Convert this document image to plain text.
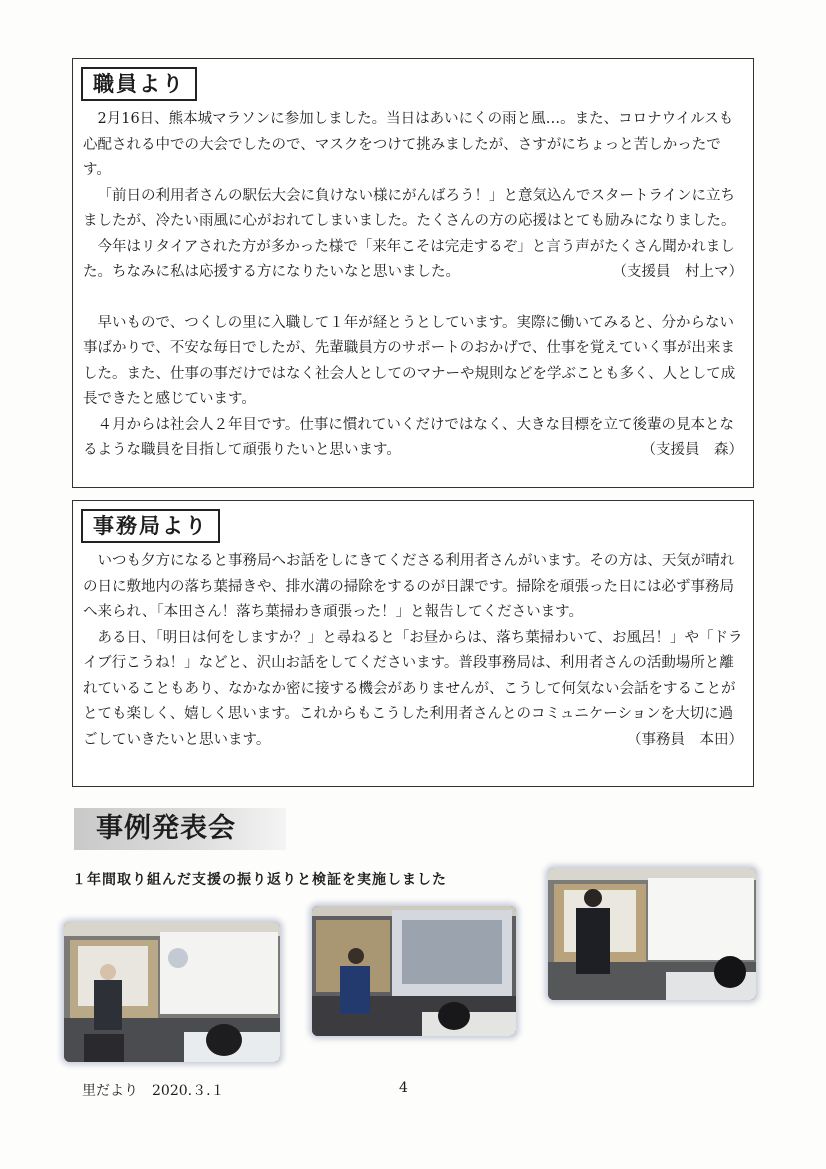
職員より

2月16日、熊本城マラソンに参加しました。当日はあいにくの雨と風…。また、コロナウイルスも心配される中での大会でしたので、マスクをつけて挑みましたが、さすがにちょっと苦しかったです。

「前日の利用者さんの駅伝大会に負けない様にがんばろう！」と意気込んでスタートラインに立ちましたが、冷たい雨風に心がおれてしまいました。たくさんの方の応援はとても励みになりました。

今年はリタイアされた方が多かった様で「来年こそは完走するぞ」と言う声がたくさん聞かれました。ちなみに私は応援する方になりたいなと思いました。	（支援員　村上マ）

早いもので、つくしの里に入職して１年が経とうとしています。実際に働いてみると、分からない事ばかりで、不安な毎日でしたが、先輩職員方のサポートのおかげで、仕事を覚えていく事が出来ました。また、仕事の事だけではなく社会人としてのマナーや規則などを学ぶことも多く、人として成長できたと感じています。

４月からは社会人２年目です。仕事に慣れていくだけではなく、大きな目標を立て後輩の見本となるような職員を目指して頑張りたいと思います。	（支援員　森）

事務局より

いつも夕方になると事務局へお話をしにきてくださる利用者さんがいます。その方は、天気が晴れの日に敷地内の落ち葉掃きや、排水溝の掃除をするのが日課です。掃除を頑張った日には必ず事務局へ来られ、「本田さん！落ち葉掃わき頑張った！」と報告してくださいます。

ある日、「明日は何をしますか？」と尋ねると「お昼からは、落ち葉掃わいて、お風呂！」や「ドライブ行こうね！」などと、沢山お話をしてくださいます。普段事務局は、利用者さんの活動場所と離れていることもあり、なかなか密に接する機会がありませんが、こうして何気ない会話をすることがとても楽しく、嬉しく思います。これからもこうした利用者さんとのコミュニケーションを大切に過ごしていきたいと思います。	（事務員　本田）

事例発表会
１年間取り組んだ支援の振り返りと検証を実施しました
里だより　2020.３.１	4
